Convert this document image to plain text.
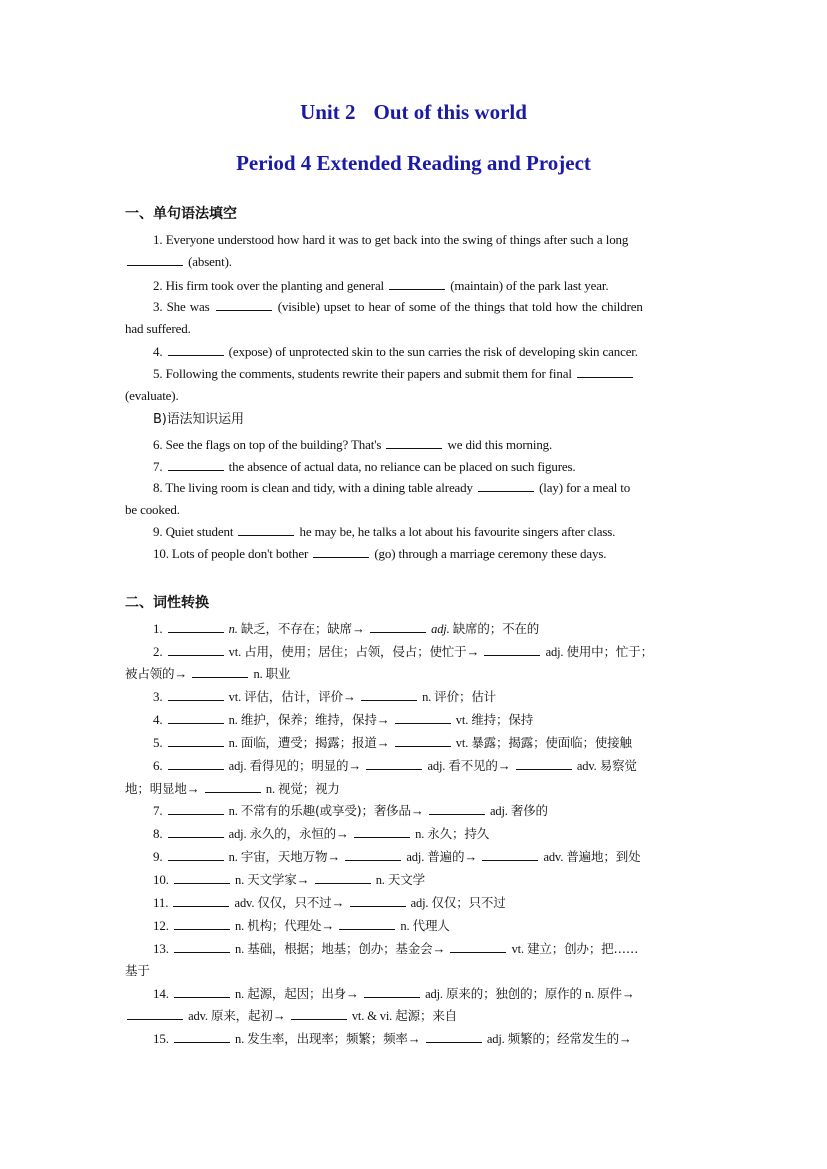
Unit 2 Out of this world
Period 4 Extended Reading and Project
一、单句语法填空
1. Everyone understood how hard it was to get back into the swing of things after such a long
(absent).
2. His firm took over the planting and general	(maintain) of the park last year.
3. She was	(visible) upset to hear of some of the things that told how the children
had suffered.
4.	(expose) of unprotected skin to the sun carries the risk of developing skin cancer.
5. Following the comments, students rewrite their papers and submit them for final
(evaluate).
B)语法知识运用
6. See the flags on top of the building? That's	we did this morning.
7.	the absence of actual data, no reliance can be placed on such figures.
8. The living room is clean and tidy, with a dining table already	(lay) for a meal to
be cooked.
9. Quiet student	he may be, he talks a lot about his favourite singers after class.
10. Lots of people don't bother	(go) through a marriage ceremony these days.
二、词性转换
1.	n. 缺乏，不存在；缺席→	adj. 缺席的；不在的
2.	vt. 占用，使用；居住；占领，侵占；使忙于→	adj. 使用中；忙于；
被占领的→	n. 职业
3.	vt. 评估，估计，评价→	n. 评价；估计
4.	n. 维护，保养；维持，保持→	vt. 维持；保持
5.	n. 面临，遭受；揭露；报道→	vt. 暴露；揭露；使面临；使接触
6.	adj. 看得见的；明显的→	adj. 看不见的→	adv. 易察觉
地；明显地→	n. 视觉；视力
7.	n. 不常有的乐趣(或享受)；奢侈品→	adj. 奢侈的
8.	adj. 永久的，永恒的→	n. 永久；持久
9.	n. 宇宙，天地万物→	adj. 普遍的→	adv. 普遍地；到处
10.	n. 天文学家→	n. 天文学
11.	adv. 仅仅，只不过→	adj. 仅仅；只不过
12.	n. 机构；代理处→	n. 代理人
13.	n. 基础，根据；地基；创办；基金会→	vt. 建立；创办；把……
基于
14.	n. 起源，起因；出身→	adj. 原来的；独创的；原作的 n. 原件→
adv. 原来，起初→	vt. & vi. 起源；来自
15.	n. 发生率，出现率；频繁；频率→	adj. 频繁的；经常发生的→
